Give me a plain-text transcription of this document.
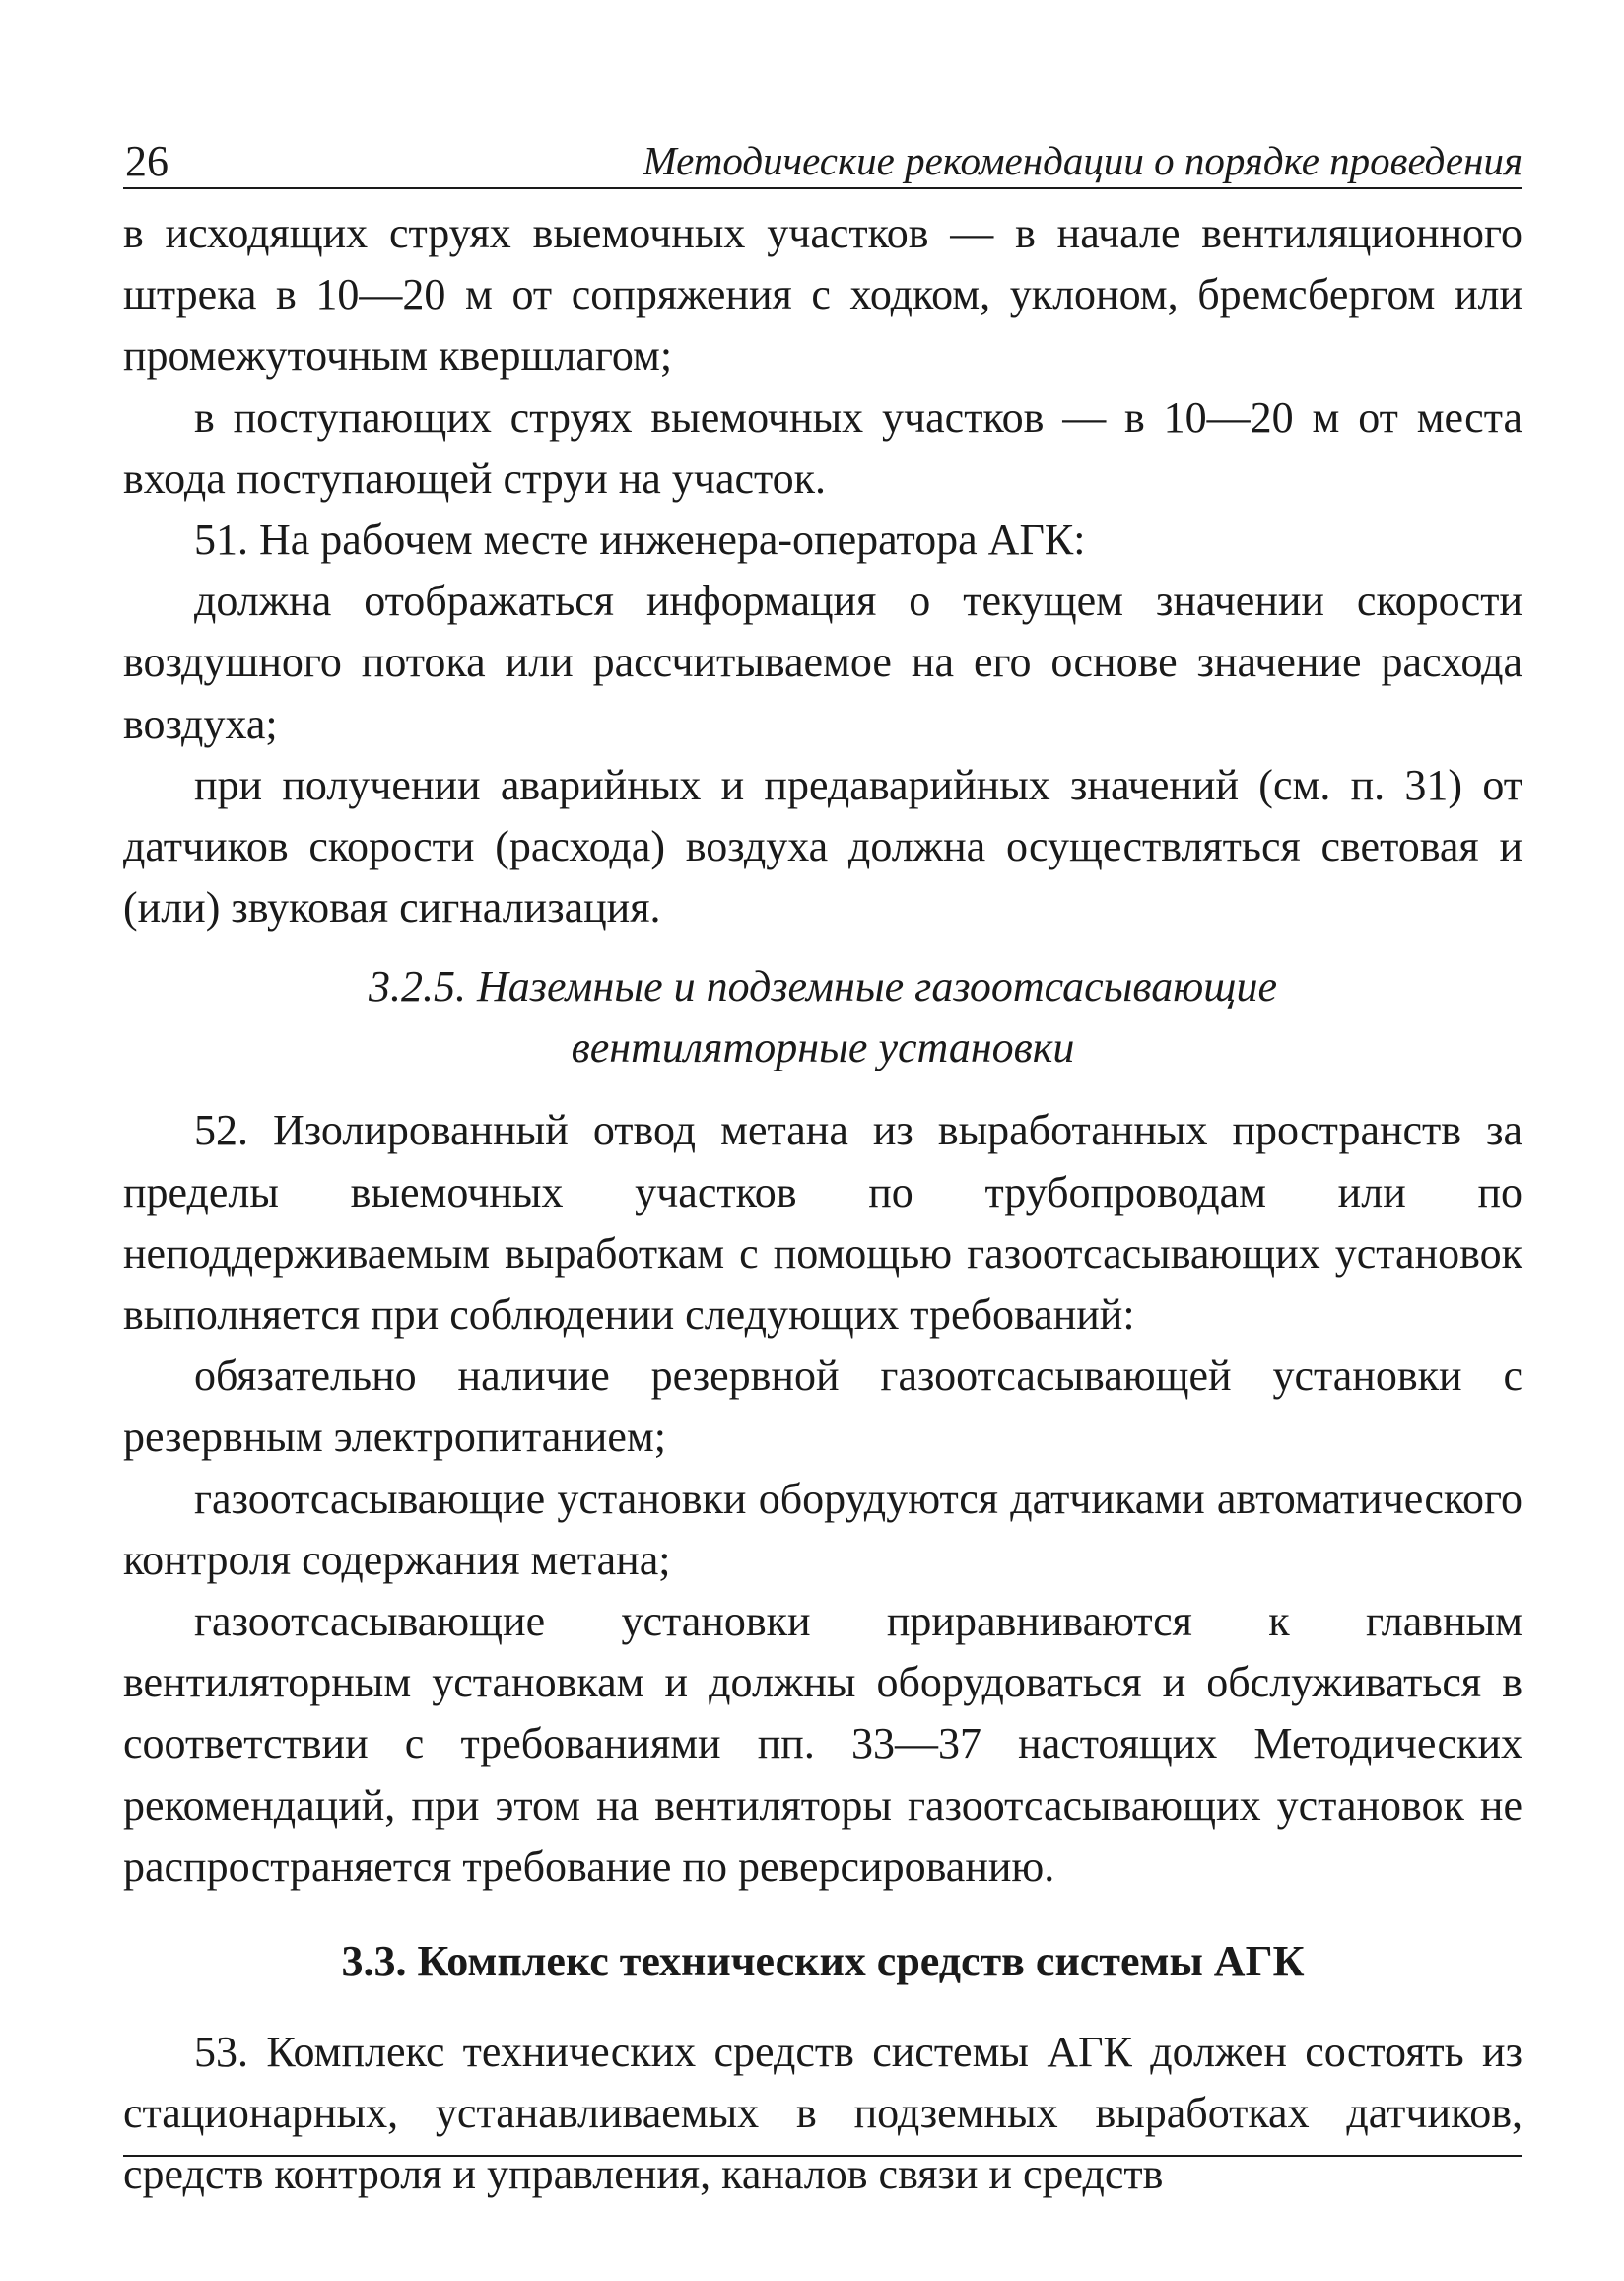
26	Методические рекомендации о порядке проведения

в исходящих струях выемочных участков — в начале вентиляционного штрека в 10—20 м от сопряжения с ходком, уклоном, бремсбергом или промежуточным квершлагом;

в поступающих струях выемочных участков — в 10—20 м от места входа поступающей струи на участок.

51. На рабочем месте инженера-оператора АГК:

должна отображаться информация о текущем значении скорости воздушного потока или рассчитываемое на его основе значение расхода воздуха;

при получении аварийных и предаварийных значений (см. п. 31) от датчиков скорости (расхода) воздуха должна осуществляться световая и (или) звуковая сигнализация.

3.2.5. Наземные и подземные газоотсасывающие
вентиляторные установки

52. Изолированный отвод метана из выработанных пространств за пределы выемочных участков по трубопроводам или по неподдерживаемым выработкам с помощью газоотсасывающих установок выполняется при соблюдении следующих требований:

обязательно наличие резервной газоотсасывающей установки с резервным электропитанием;

газоотсасывающие установки оборудуются датчиками автоматического контроля содержания метана;

газоотсасывающие установки приравниваются к главным вентиляторным установкам и должны оборудоваться и обслуживаться в соответствии с требованиями пп. 33—37 настоящих Методических рекомендаций, при этом на вентиляторы газоотсасывающих установок не распространяется требование по реверсированию.

3.3. Комплекс технических средств системы АГК

53. Комплекс технических средств системы АГК должен состоять из стационарных, устанавливаемых в подземных выработках датчиков, средств контроля и управления, каналов связи и средств
